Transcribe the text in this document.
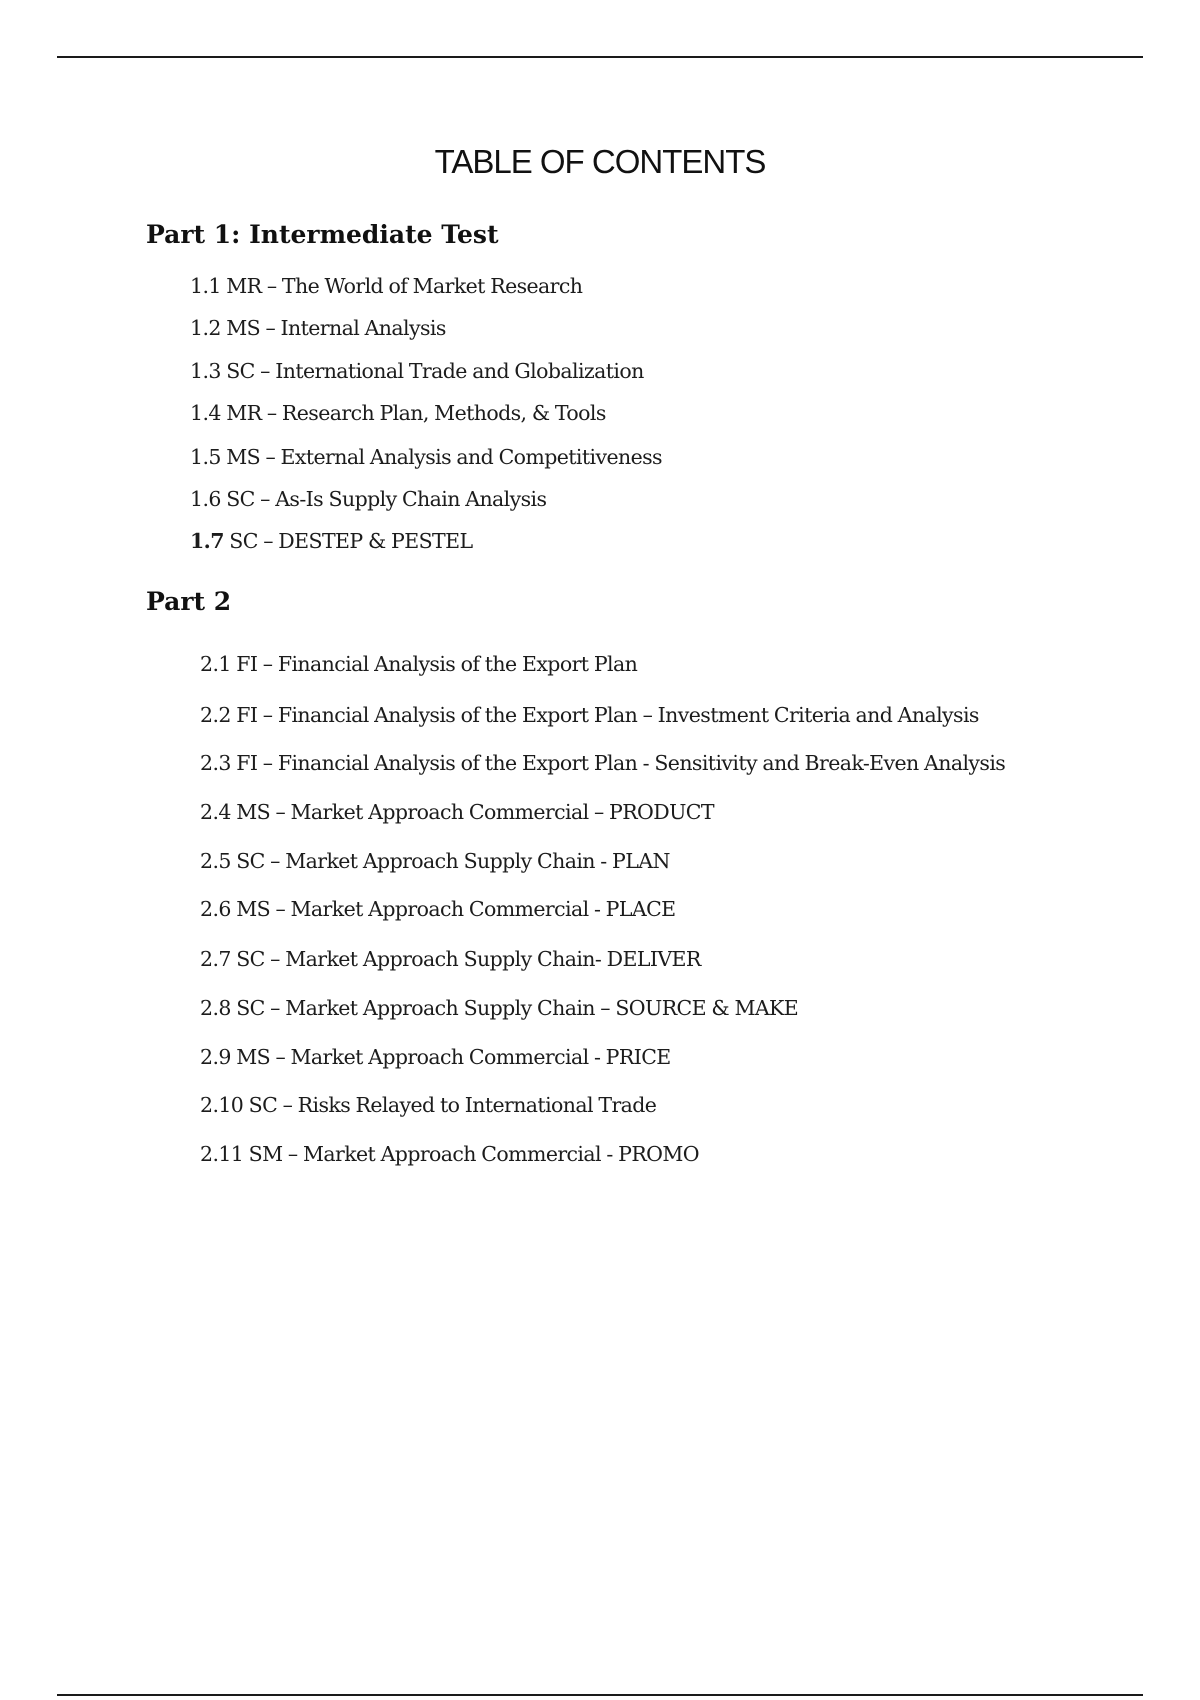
TABLE OF CONTENTS
Part 1: Intermediate Test
1.1 MR – The World of Market Research
1.2 MS – Internal Analysis
1.3 SC – International Trade and Globalization
1.4 MR – Research Plan, Methods, & Tools
1.5 MS – External Analysis and Competitiveness
1.6 SC – As-Is Supply Chain Analysis
1.7 SC – DESTEP & PESTEL
Part 2
2.1 FI – Financial Analysis of the Export Plan
2.2 FI – Financial Analysis of the Export Plan – Investment Criteria and Analysis
2.3 FI – Financial Analysis of the Export Plan - Sensitivity and Break-Even Analysis
2.4 MS – Market Approach Commercial – PRODUCT
2.5 SC – Market Approach Supply Chain - PLAN
2.6 MS – Market Approach Commercial - PLACE
2.7 SC – Market Approach Supply Chain- DELIVER
2.8 SC – Market Approach Supply Chain – SOURCE & MAKE
2.9 MS – Market Approach Commercial - PRICE
2.10 SC – Risks Relayed to International Trade
2.11 SM – Market Approach Commercial - PROMO
